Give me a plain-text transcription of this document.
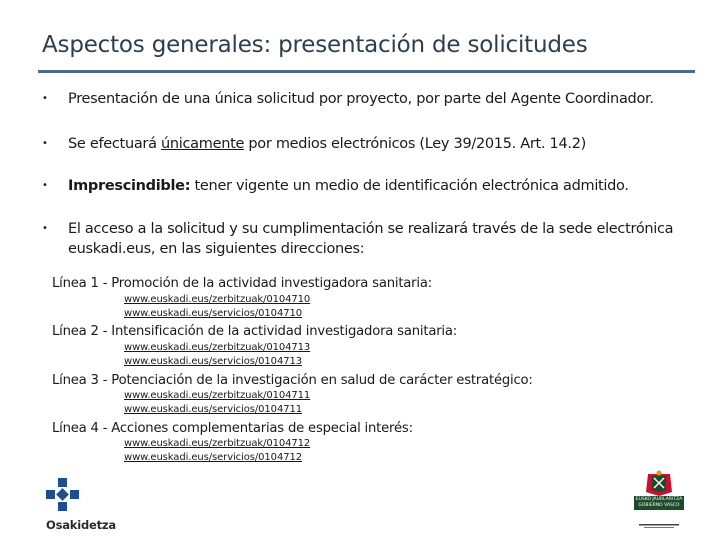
Aspectos generales: presentación de solicitudes
• Presentación de una única solicitud por proyecto, por parte del Agente Coordinador.
• Se efectuará únicamente por medios electrónicos (Ley 39/2015. Art. 14.2)
• Imprescindible: tener vigente un medio de identificación electrónica admitido.
• El acceso a la solicitud y su cumplimentación se realizará través de la sede electrónica euskadi.eus, en las siguientes direcciones:
Línea 1 - Promoción de la actividad investigadora sanitaria:
www.euskadi.eus/zerbitzuak/0104710
www.euskadi.eus/servicios/0104710
Línea 2 - Intensificación de la actividad investigadora sanitaria:
www.euskadi.eus/zerbitzuak/0104713
www.euskadi.eus/servicios/0104713
Línea 3 - Potenciación de la investigación en salud de carácter estratégico:
www.euskadi.eus/zerbitzuak/0104711
www.euskadi.eus/servicios/0104711
Línea 4 - Acciones complementarias de especial interés:
www.euskadi.eus/zerbitzuak/0104712
www.euskadi.eus/servicios/0104712
Osakidetza
EUSKO JAURLARITZA GOBIERNO VASCO
